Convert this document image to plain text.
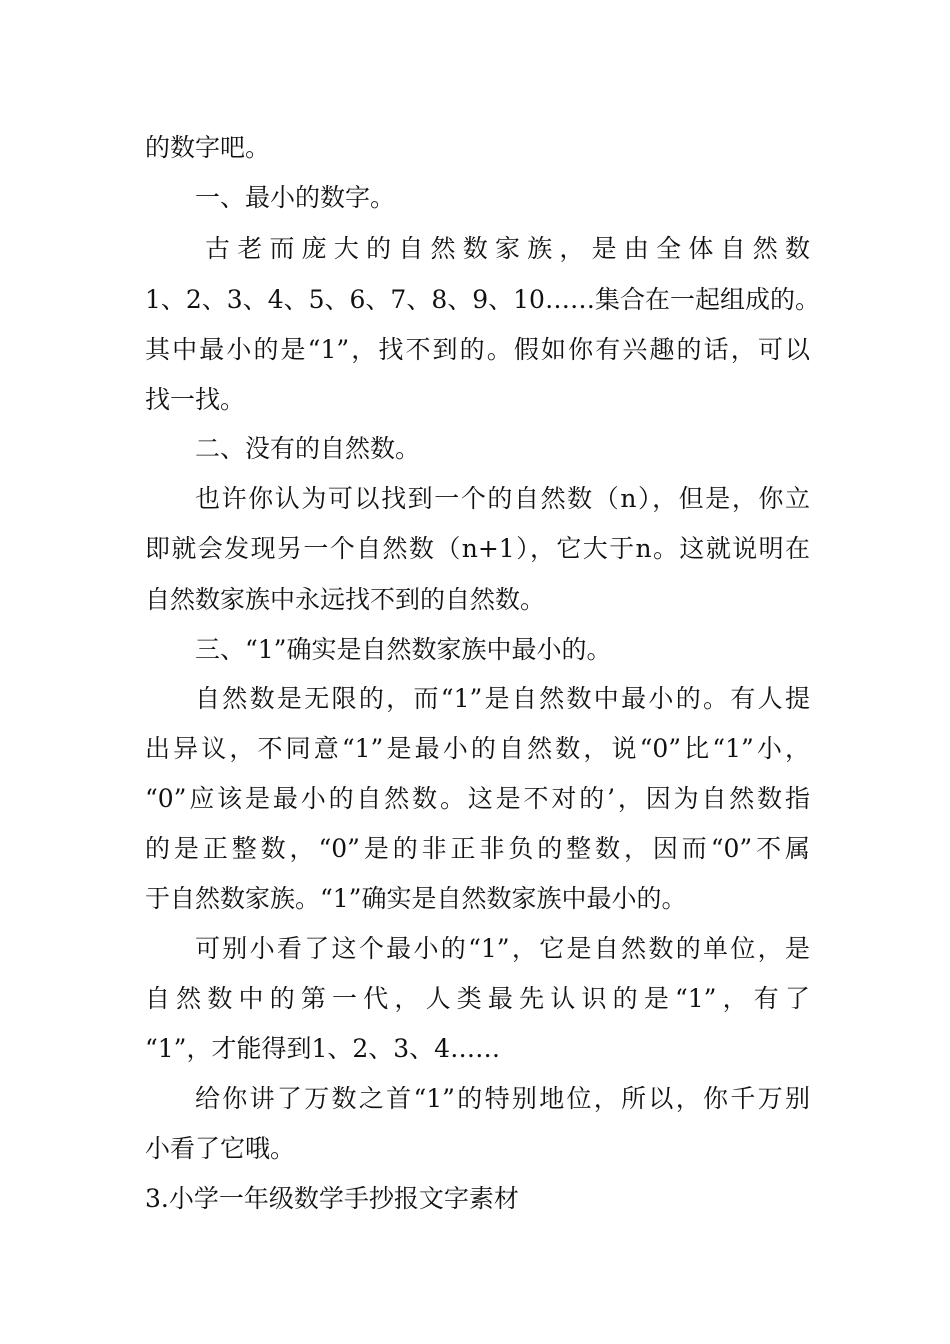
的数字吧。
一、最小的数字。
古老而庞大的自然数家族，是由全体自然数
1、2、3、4、5、6、7、8、9、10……集合在一起组成的。
其中最小的是“1”，找不到的。假如你有兴趣的话，可以
找一找。
二、没有的自然数。
也许你认为可以找到一个的自然数（n），但是，你立
即就会发现另一个自然数（n+1），它大于n。这就说明在
自然数家族中永远找不到的自然数。
三、“1”确实是自然数家族中最小的。
自然数是无限的，而“1”是自然数中最小的。有人提
出异议，不同意“1”是最小的自然数，说“0”比“1”小，
“0”应该是最小的自然数。这是不对的’，因为自然数指
的是正整数，“0”是的非正非负的整数，因而“0”不属
于自然数家族。“1”确实是自然数家族中最小的。
可别小看了这个最小的“1”，它是自然数的单位，是
自然数中的第一代，人类最先认识的是“1”，有了
“1”，才能得到1、2、3、4……
给你讲了万数之首“1”的特别地位，所以，你千万别
小看了它哦。
3.小学一年级数学手抄报文字素材
